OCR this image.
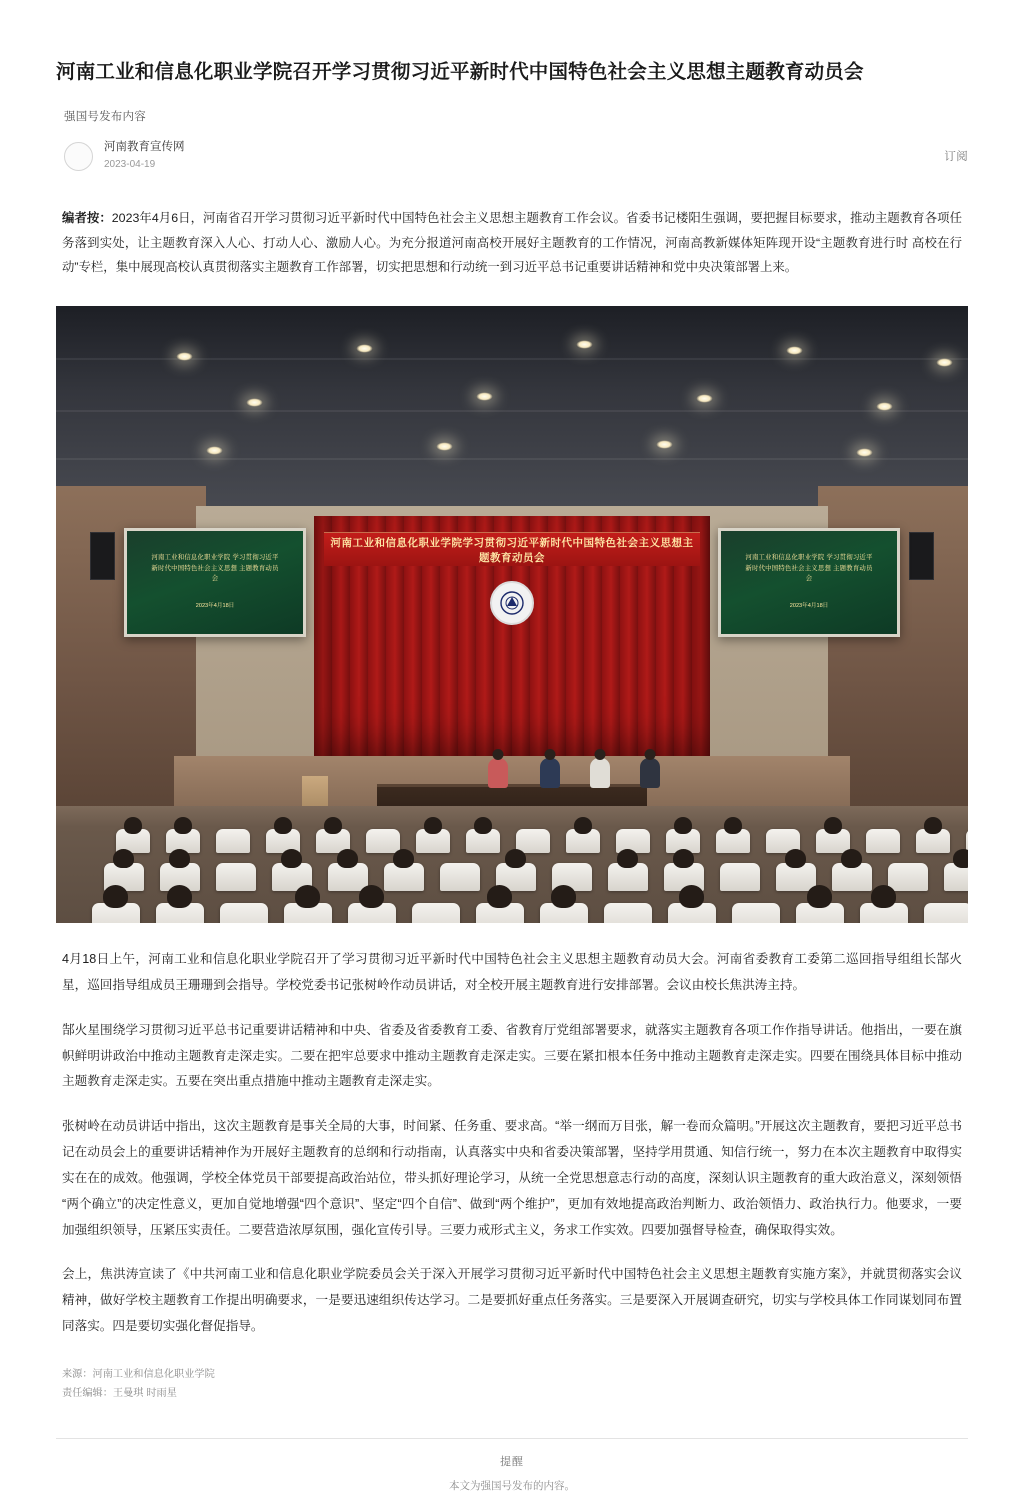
河南工业和信息化职业学院召开学习贯彻习近平新时代中国特色社会主义思想主题教育动员会
强国号发布内容
河南教育宣传网
2023-04-19
订阅

编者按：2023年4月6日，河南省召开学习贯彻习近平新时代中国特色社会主义思想主题教育工作会议。省委书记楼阳生强调，要把握目标要求，推动主题教育各项任务落到实处，让主题教育深入人心、打动人心、激励人心。为充分报道河南高校开展好主题教育的工作情况，河南高教新媒体矩阵现开设“主题教育进行时 高校在行动”专栏，集中展现高校认真贯彻落实主题教育工作部署，切实把思想和行动统一到习近平总书记重要讲话精神和党中央决策部署上来。

河南工业和信息化职业学院学习贯彻习近平新时代中国特色社会主义思想主题教育动员会
河南工业和信息化职业学院 学习贯彻习近平新时代中国特色社会主义思想 主题教育动员会
2023年4月18日
河南工业和信息化职业学院 学习贯彻习近平新时代中国特色社会主义思想 主题教育动员会
2023年4月18日

4月18日上午，河南工业和信息化职业学院召开了学习贯彻习近平新时代中国特色社会主义思想主题教育动员大会。河南省委教育工委第二巡回指导组组长郜火星，巡回指导组成员王珊珊到会指导。学校党委书记张树岭作动员讲话，对全校开展主题教育进行安排部署。会议由校长焦洪涛主持。

郜火星围绕学习贯彻习近平总书记重要讲话精神和中央、省委及省委教育工委、省教育厅党组部署要求，就落实主题教育各项工作作指导讲话。他指出，一要在旗帜鲜明讲政治中推动主题教育走深走实。二要在把牢总要求中推动主题教育走深走实。三要在紧扣根本任务中推动主题教育走深走实。四要在围绕具体目标中推动主题教育走深走实。五要在突出重点措施中推动主题教育走深走实。

张树岭在动员讲话中指出，这次主题教育是事关全局的大事，时间紧、任务重、要求高。“举一纲而万目张，解一卷而众篇明。”开展这次主题教育，要把习近平总书记在动员会上的重要讲话精神作为开展好主题教育的总纲和行动指南，认真落实中央和省委决策部署，坚持学用贯通、知信行统一，努力在本次主题教育中取得实实在在的成效。他强调，学校全体党员干部要提高政治站位，带头抓好理论学习，从统一全党思想意志行动的高度，深刻认识主题教育的重大政治意义，深刻领悟“两个确立”的决定性意义，更加自觉地增强“四个意识”、坚定“四个自信”、做到“两个维护”，更加有效地提高政治判断力、政治领悟力、政治执行力。他要求，一要加强组织领导，压紧压实责任。二要营造浓厚氛围，强化宣传引导。三要力戒形式主义，务求工作实效。四要加强督导检查，确保取得实效。

会上，焦洪涛宣读了《中共河南工业和信息化职业学院委员会关于深入开展学习贯彻习近平新时代中国特色社会主义思想主题教育实施方案》，并就贯彻落实会议精神，做好学校主题教育工作提出明确要求，一是要迅速组织传达学习。二是要抓好重点任务落实。三是要深入开展调查研究，切实与学校具体工作同谋划同布置同落实。四是要切实强化督促指导。

来源：河南工业和信息化职业学院
责任编辑：王曼琪 时雨星
提醒
本文为强国号发布的内容。
